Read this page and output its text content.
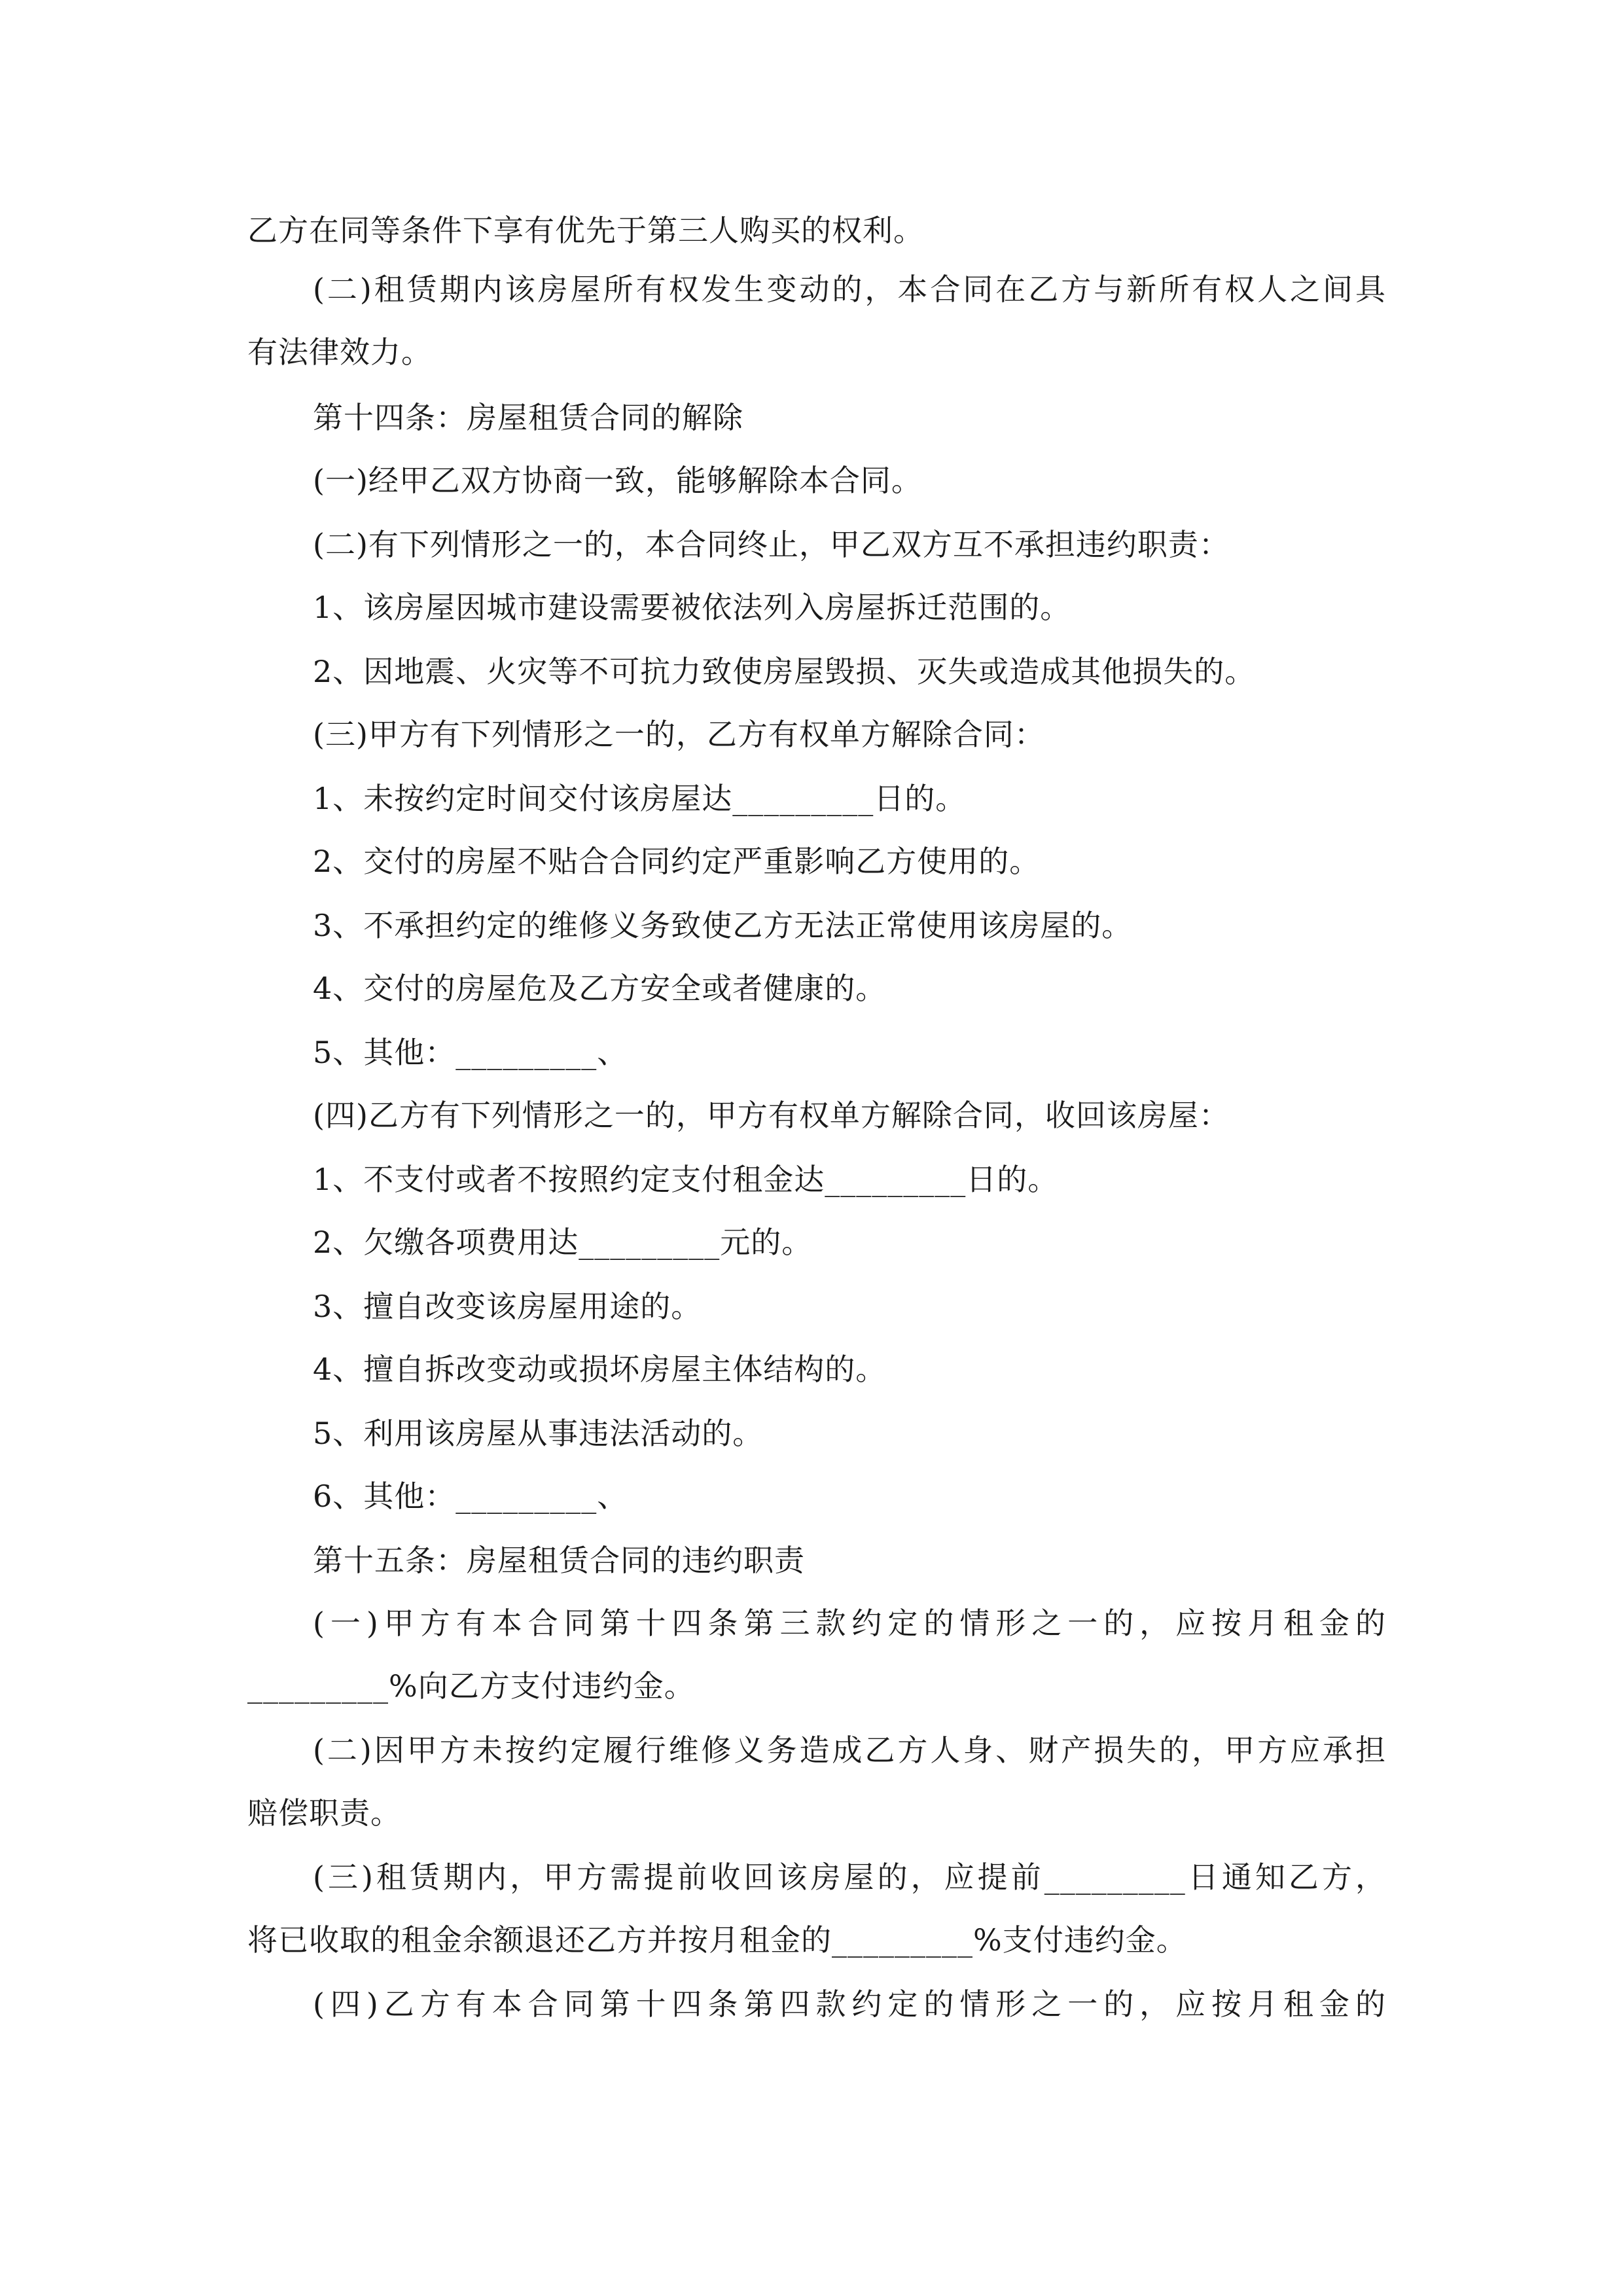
乙方在同等条件下享有优先于第三人购买的权利。
(二)租赁期内该房屋所有权发生变动的，本合同在乙方与新所有权人之间具
有法律效力。
第十四条：房屋租赁合同的解除
(一)经甲乙双方协商一致，能够解除本合同。
(二)有下列情形之一的，本合同终止，甲乙双方互不承担违约职责：
1、该房屋因城市建设需要被依法列入房屋拆迁范围的。
2、因地震、火灾等不可抗力致使房屋毁损、灭失或造成其他损失的。
(三)甲方有下列情形之一的，乙方有权单方解除合同：
1、未按约定时间交付该房屋达_________日的。
2、交付的房屋不贴合合同约定严重影响乙方使用的。
3、不承担约定的维修义务致使乙方无法正常使用该房屋的。
4、交付的房屋危及乙方安全或者健康的。
5、其他：_________、
(四)乙方有下列情形之一的，甲方有权单方解除合同，收回该房屋：
1、不支付或者不按照约定支付租金达_________日的。
2、欠缴各项费用达_________元的。
3、擅自改变该房屋用途的。
4、擅自拆改变动或损坏房屋主体结构的。
5、利用该房屋从事违法活动的。
6、其他：_________、
第十五条：房屋租赁合同的违约职责
(一)甲方有本合同第十四条第三款约定的情形之一的，应按月租金的
_________%向乙方支付违约金。
(二)因甲方未按约定履行维修义务造成乙方人身、财产损失的，甲方应承担
赔偿职责。
(三)租赁期内，甲方需提前收回该房屋的，应提前_________日通知乙方，
将已收取的租金余额退还乙方并按月租金的_________%支付违约金。
(四)乙方有本合同第十四条第四款约定的情形之一的，应按月租金的
